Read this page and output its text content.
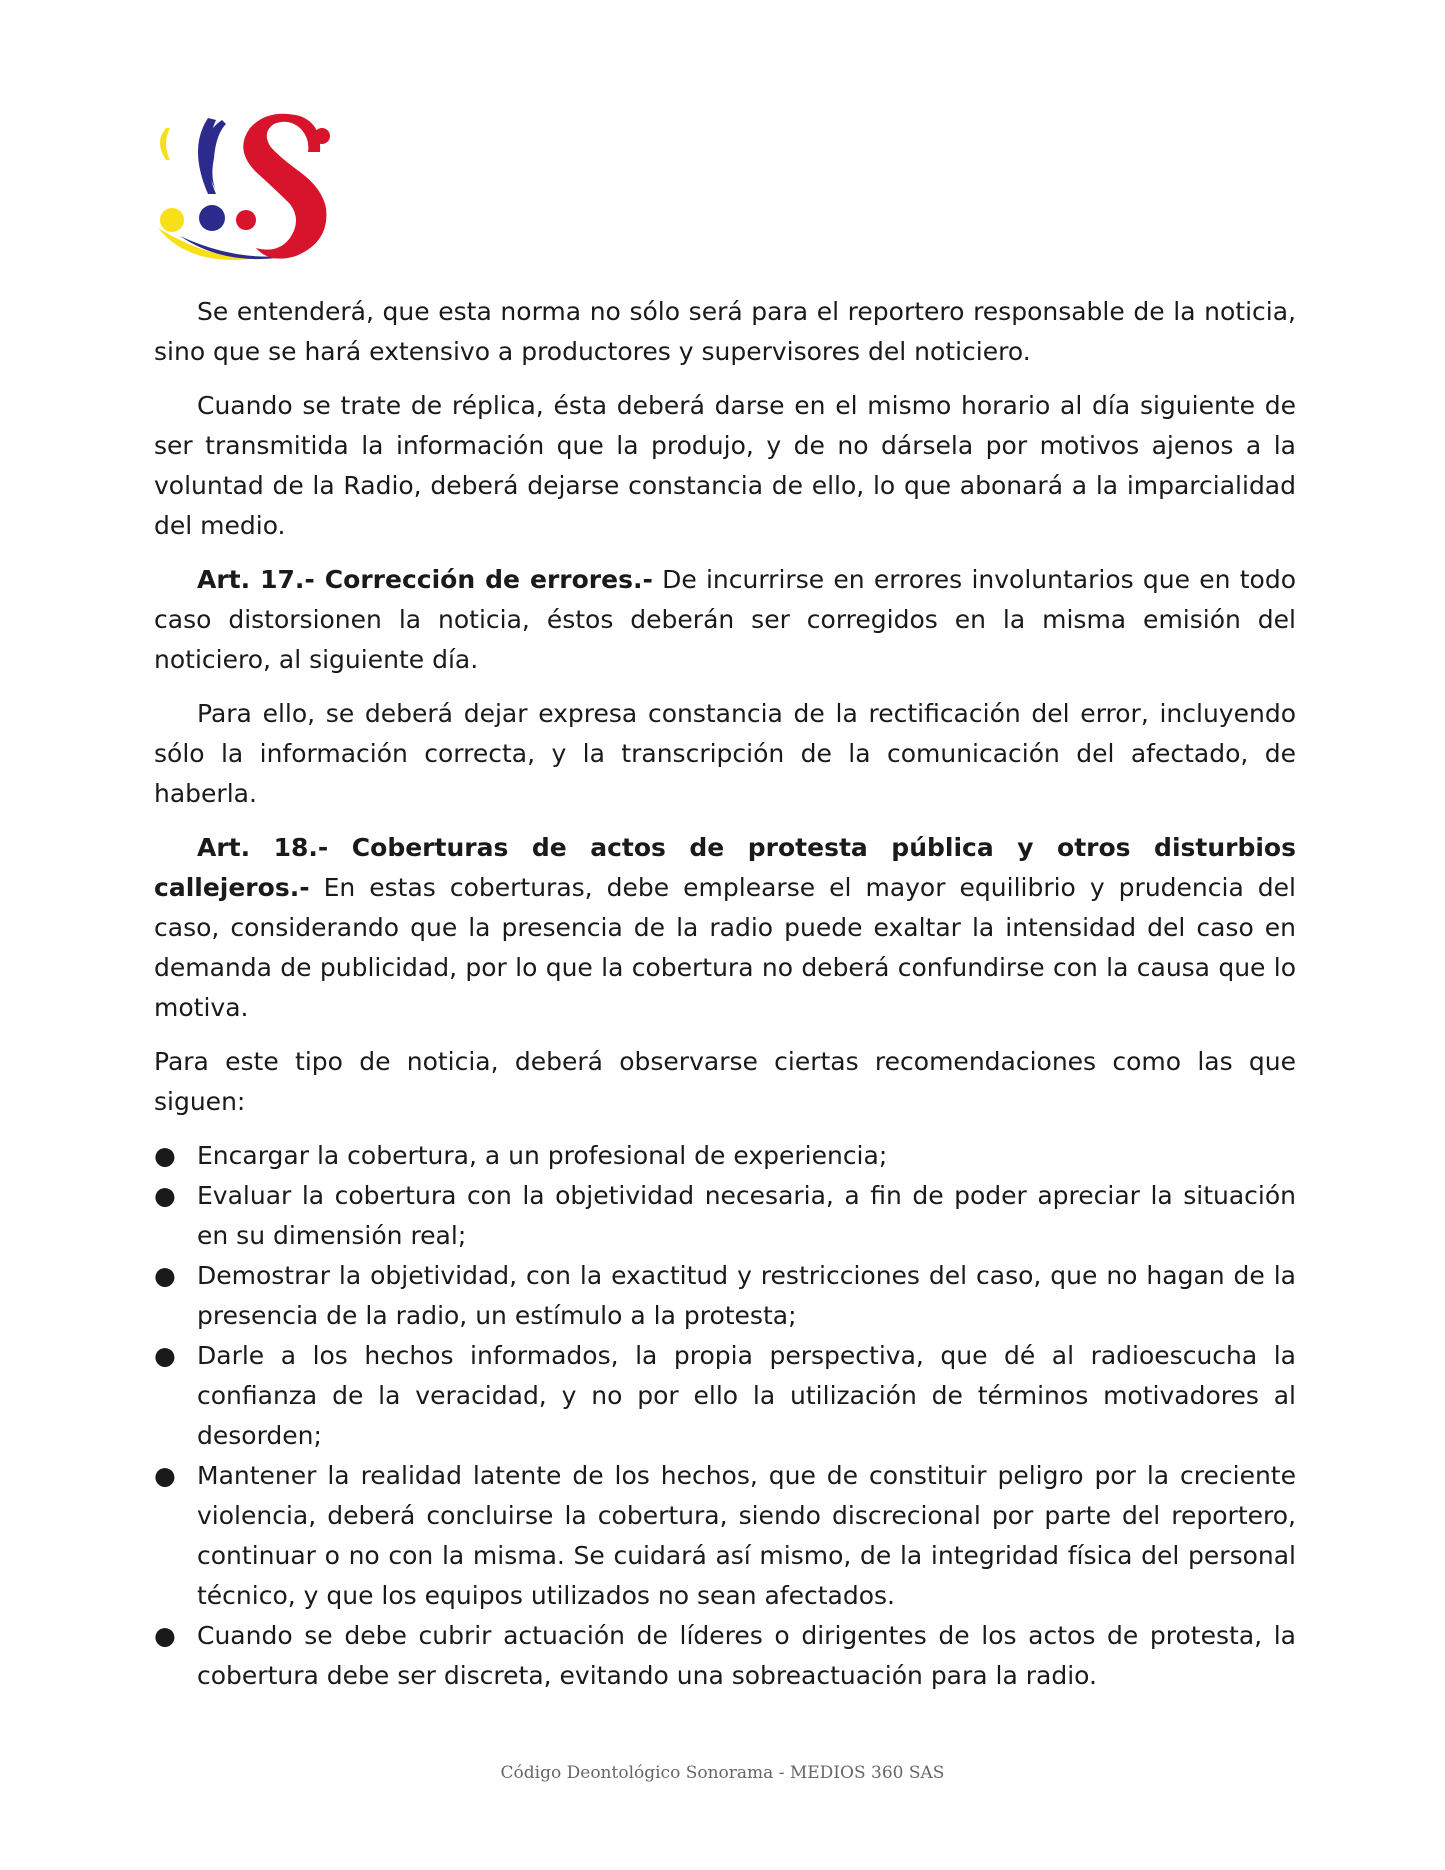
Se entenderá, que esta norma no sólo será para el reportero responsable de la noticia, sino que se hará extensivo a productores y supervisores del noticiero.

Cuando se trate de réplica, ésta deberá darse en el mismo horario al día siguiente de ser transmitida la información que la produjo, y de no dársela por motivos ajenos a la voluntad de la Radio, deberá dejarse constancia de ello, lo que abonará a la imparcialidad del medio.

Art. 17.- Corrección de errores.- De incurrirse en errores involuntarios que en todo caso distorsionen la noticia, éstos deberán ser corregidos en la misma emisión del noticiero, al siguiente día.

Para ello, se deberá dejar expresa constancia de la rectificación del error, incluyendo sólo la información correcta, y la transcripción de la comunicación del afectado, de haberla.

Art. 18.- Coberturas de actos de protesta pública y otros disturbios callejeros.- En estas coberturas, debe emplearse el mayor equilibrio y prudencia del caso, considerando que la presencia de la radio puede exaltar la intensidad del caso en demanda de publicidad, por lo que la cobertura no deberá confundirse con la causa que lo motiva.

Para este tipo de noticia, deberá observarse ciertas recomendaciones como las que siguen:

● Encargar la cobertura, a un profesional de experiencia;
● Evaluar la cobertura con la objetividad necesaria, a fin de poder apreciar la situación en su dimensión real;
● Demostrar la objetividad, con la exactitud y restricciones del caso, que no hagan de la presencia de la radio, un estímulo a la protesta;
● Darle a los hechos informados, la propia perspectiva, que dé al radioescucha la confianza de la veracidad, y no por ello la utilización de términos motivadores al desorden;
● Mantener la realidad latente de los hechos, que de constituir peligro por la creciente violencia, deberá concluirse la cobertura, siendo discrecional por parte del reportero, continuar o no con la misma. Se cuidará así mismo, de la integridad física del personal técnico, y que los equipos utilizados no sean afectados.
● Cuando se debe cubrir actuación de líderes o dirigentes de los actos de protesta, la cobertura debe ser discreta, evitando una sobreactuación para la radio.
Código Deontológico Sonorama - MEDIOS 360 SAS
